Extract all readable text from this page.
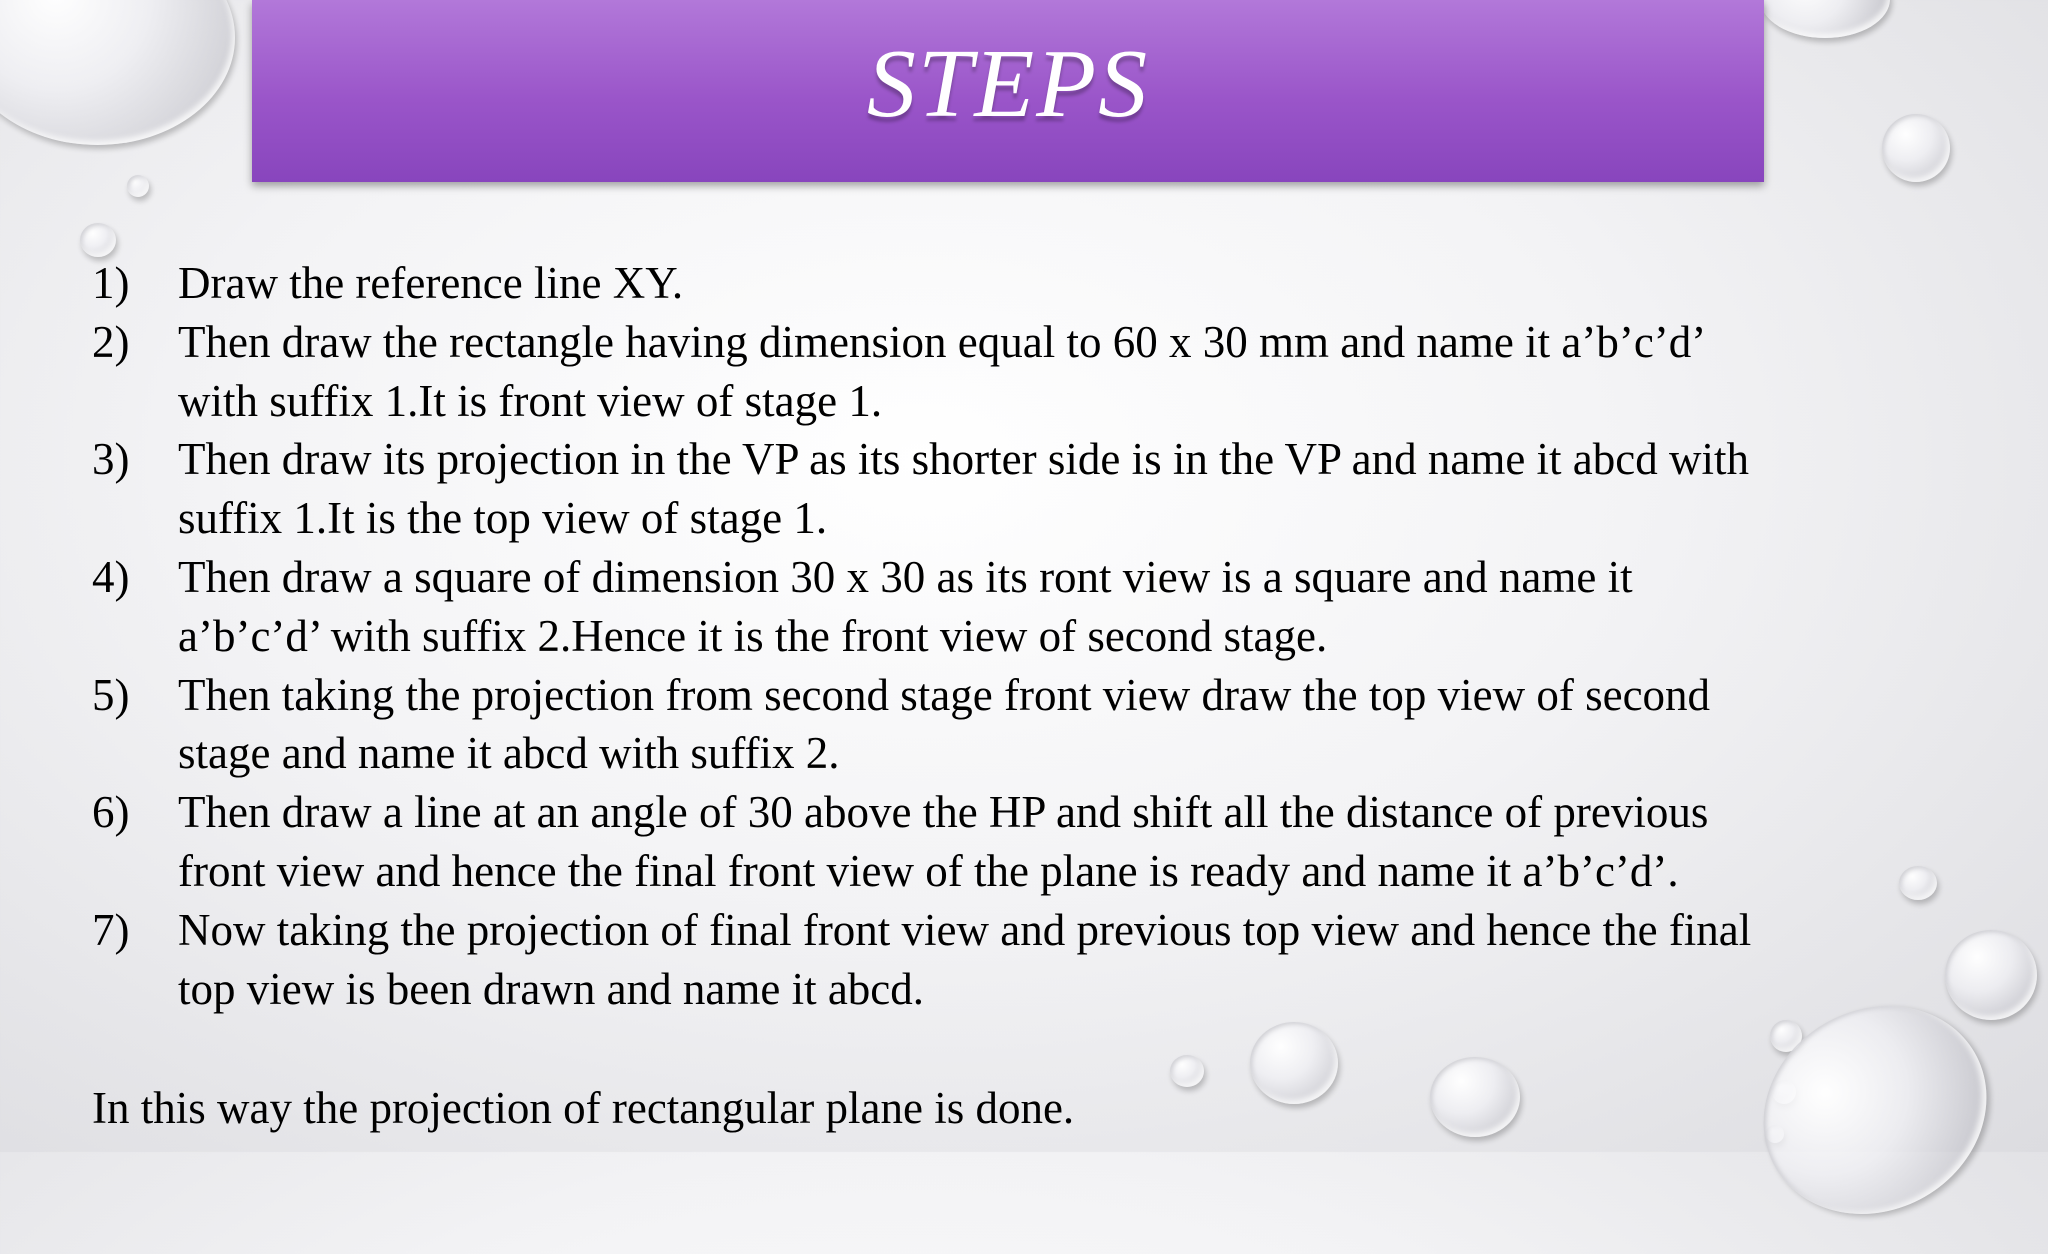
STEPS
1) Draw the reference line XY.
2) Then draw the rectangle having dimension equal to 60 x 30 mm and name it a’b’c’d’ with suffix 1.It is front view of stage 1.
3) Then draw its projection in the VP as its shorter side is in the VP and name it abcd with suffix 1.It is the top view of stage 1.
4) Then draw a square of dimension 30 x 30 as its ront view is a square and name it a’b’c’d’ with suffix 2.Hence it is the front view of second stage.
5) Then taking the projection from second stage front view draw the top view of second stage and name it abcd with suffix 2.
6) Then draw a line at an angle of 30 above the HP and shift all the distance of previous front view and hence the final front view of the plane is ready and name it a’b’c’d’.
7) Now taking the projection of final front view and previous top view and hence the final top view is been drawn and name it abcd.
In this way the projection of rectangular plane is done.
